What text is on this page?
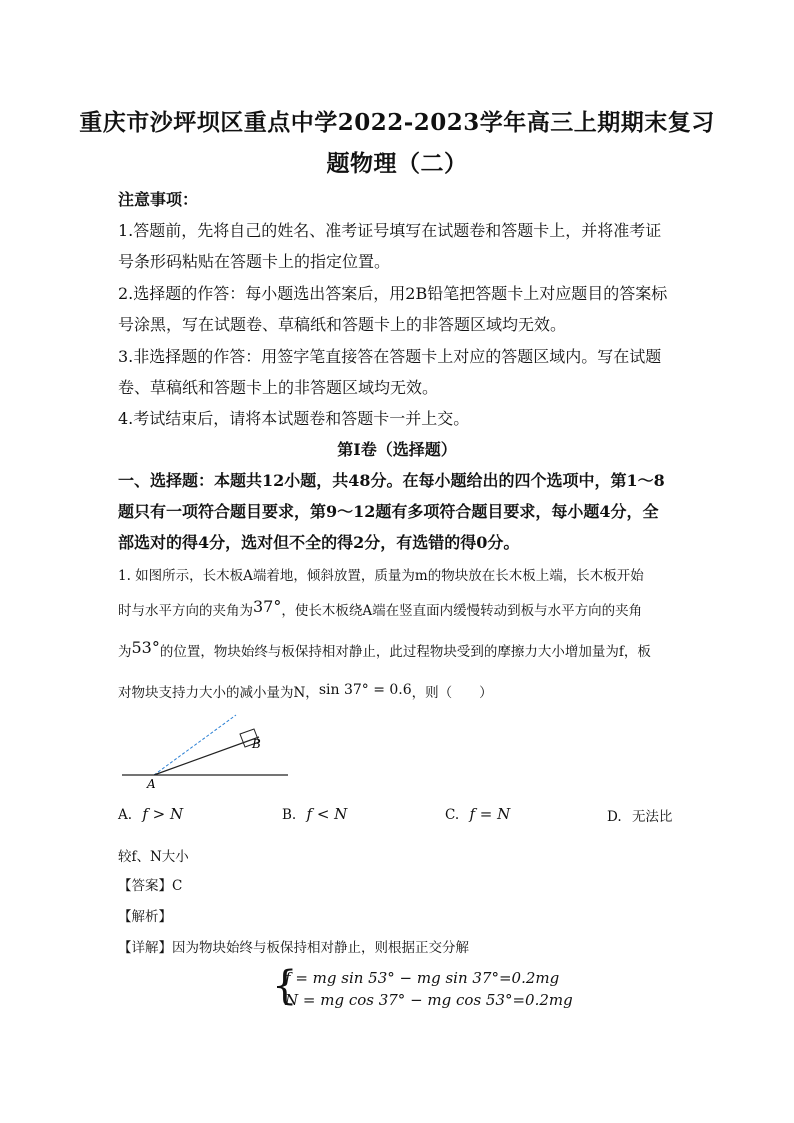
重庆市沙坪坝区重点中学2022-2023学年高三上期期末复习
题物理（二）
注意事项：
1.答题前，先将自己的姓名、准考证号填写在试题卷和答题卡上，并将准考证
号条形码粘贴在答题卡上的指定位置。
2.选择题的作答：每小题选出答案后，用2B铅笔把答题卡上对应题目的答案标
号涂黑，写在试题卷、草稿纸和答题卡上的非答题区域均无效。
3.非选择题的作答：用签字笔直接答在答题卡上对应的答题区域内。写在试题
卷、草稿纸和答题卡上的非答题区域均无效。
4.考试结束后，请将本试题卷和答题卡一并上交。
第Ⅰ卷（选择题）
一、选择题：本题共12小题，共48分。在每小题给出的四个选项中，第1～8
题只有一项符合题目要求，第9～12题有多项符合题目要求，每小题4分，全
部选对的得4分，选对但不全的得2分，有选错的得0分。
1. 如图所示，长木板A端着地，倾斜放置，质量为m的物块放在长木板上端，长木板开始
时与水平方向的夹角为37°，使长木板绕A端在竖直面内缓慢转动到板与水平方向的夹角
为53°的位置，物块始终与板保持相对静止，此过程物块受到的摩擦力大小增加量为f，板
对物块支持力大小的减小量为N，sin 37° = 0.6，则（　　）
A
B
A. f > N	B. f < N	C. f = N	D. 无法比
较f、N大小
【答案】C
【解析】
【详解】因为物块始终与板保持相对静止，则根据正交分解
{
f = mg sin 53° − mg sin 37°=0.2mg
N = mg cos 37° − mg cos 53°=0.2mg
